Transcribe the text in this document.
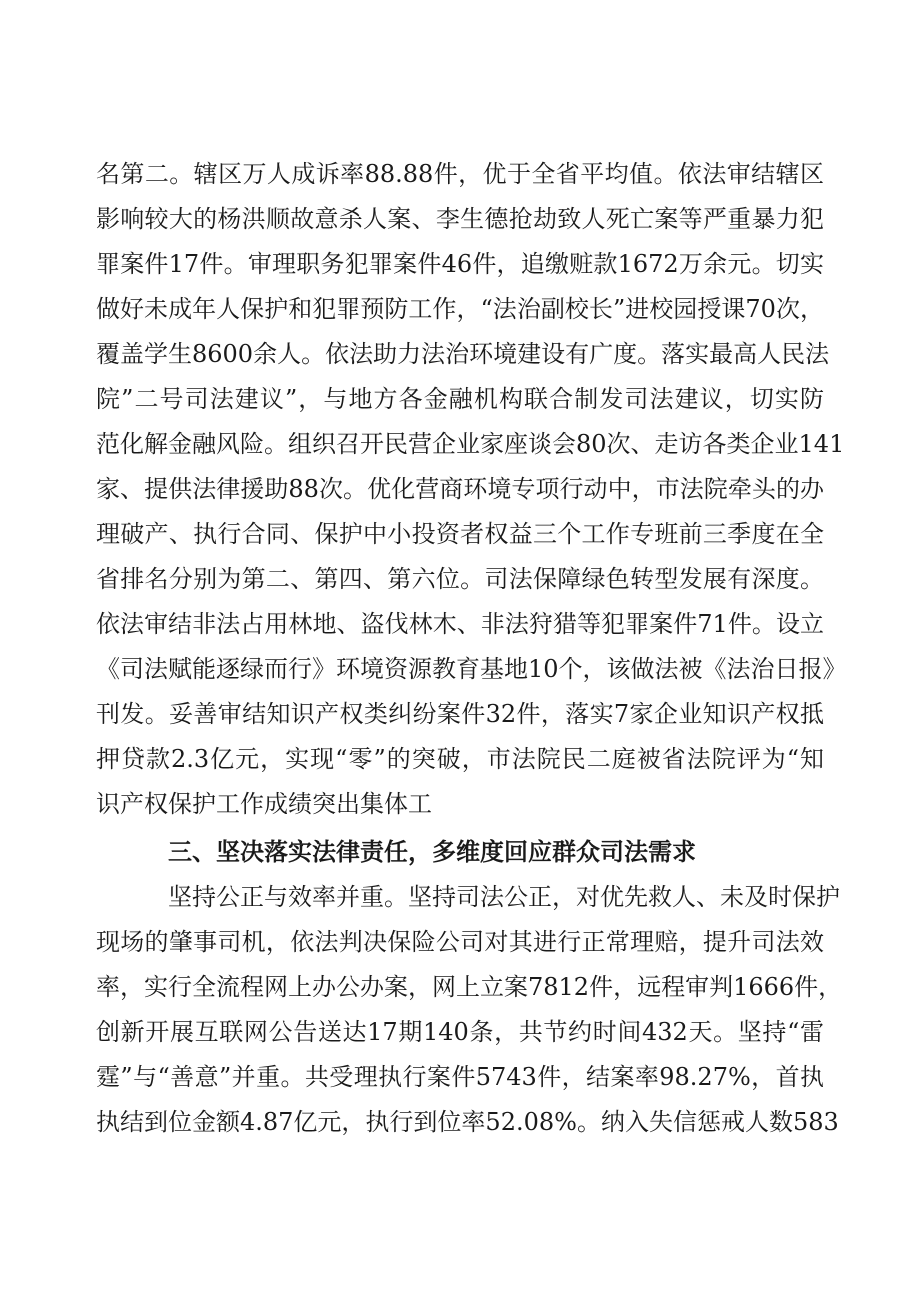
名第二。辖区万人成诉率88.88件，优于全省平均值。依法审结辖区
影响较大的杨洪顺故意杀人案、李生德抢劫致人死亡案等严重暴力犯
罪案件17件。审理职务犯罪案件46件，追缴赃款1672万余元。切实
做好未成年人保护和犯罪预防工作，“法治副校长”进校园授课70次，
覆盖学生8600余人。依法助力法治环境建设有广度。落实最高人民法
院”二号司法建议”，与地方各金融机构联合制发司法建议，切实防
范化解金融风险。组织召开民营企业家座谈会80次、走访各类企业141
家、提供法律援助88次。优化营商环境专项行动中，市法院牵头的办
理破产、执行合同、保护中小投资者权益三个工作专班前三季度在全
省排名分别为第二、第四、第六位。司法保障绿色转型发展有深度。
依法审结非法占用林地、盗伐林木、非法狩猎等犯罪案件71件。设立
《司法赋能逐绿而行》环境资源教育基地10个，该做法被《法治日报》
刊发。妥善审结知识产权类纠纷案件32件，落实7家企业知识产权抵
押贷款2.3亿元，实现“零”的突破，市法院民二庭被省法院评为“知
识产权保护工作成绩突出集体工
三、坚决落实法律责任，多维度回应群众司法需求
坚持公正与效率并重。坚持司法公正，对优先救人、未及时保护
现场的肇事司机，依法判决保险公司对其进行正常理赔，提升司法效
率，实行全流程网上办公办案，网上立案7812件，远程审判1666件，
创新开展互联网公告送达17期140条，共节约时间432天。坚持“雷
霆”与“善意”并重。共受理执行案件5743件，结案率98.27%，首执
执结到位金额4.87亿元，执行到位率52.08%。纳入失信惩戒人数583
